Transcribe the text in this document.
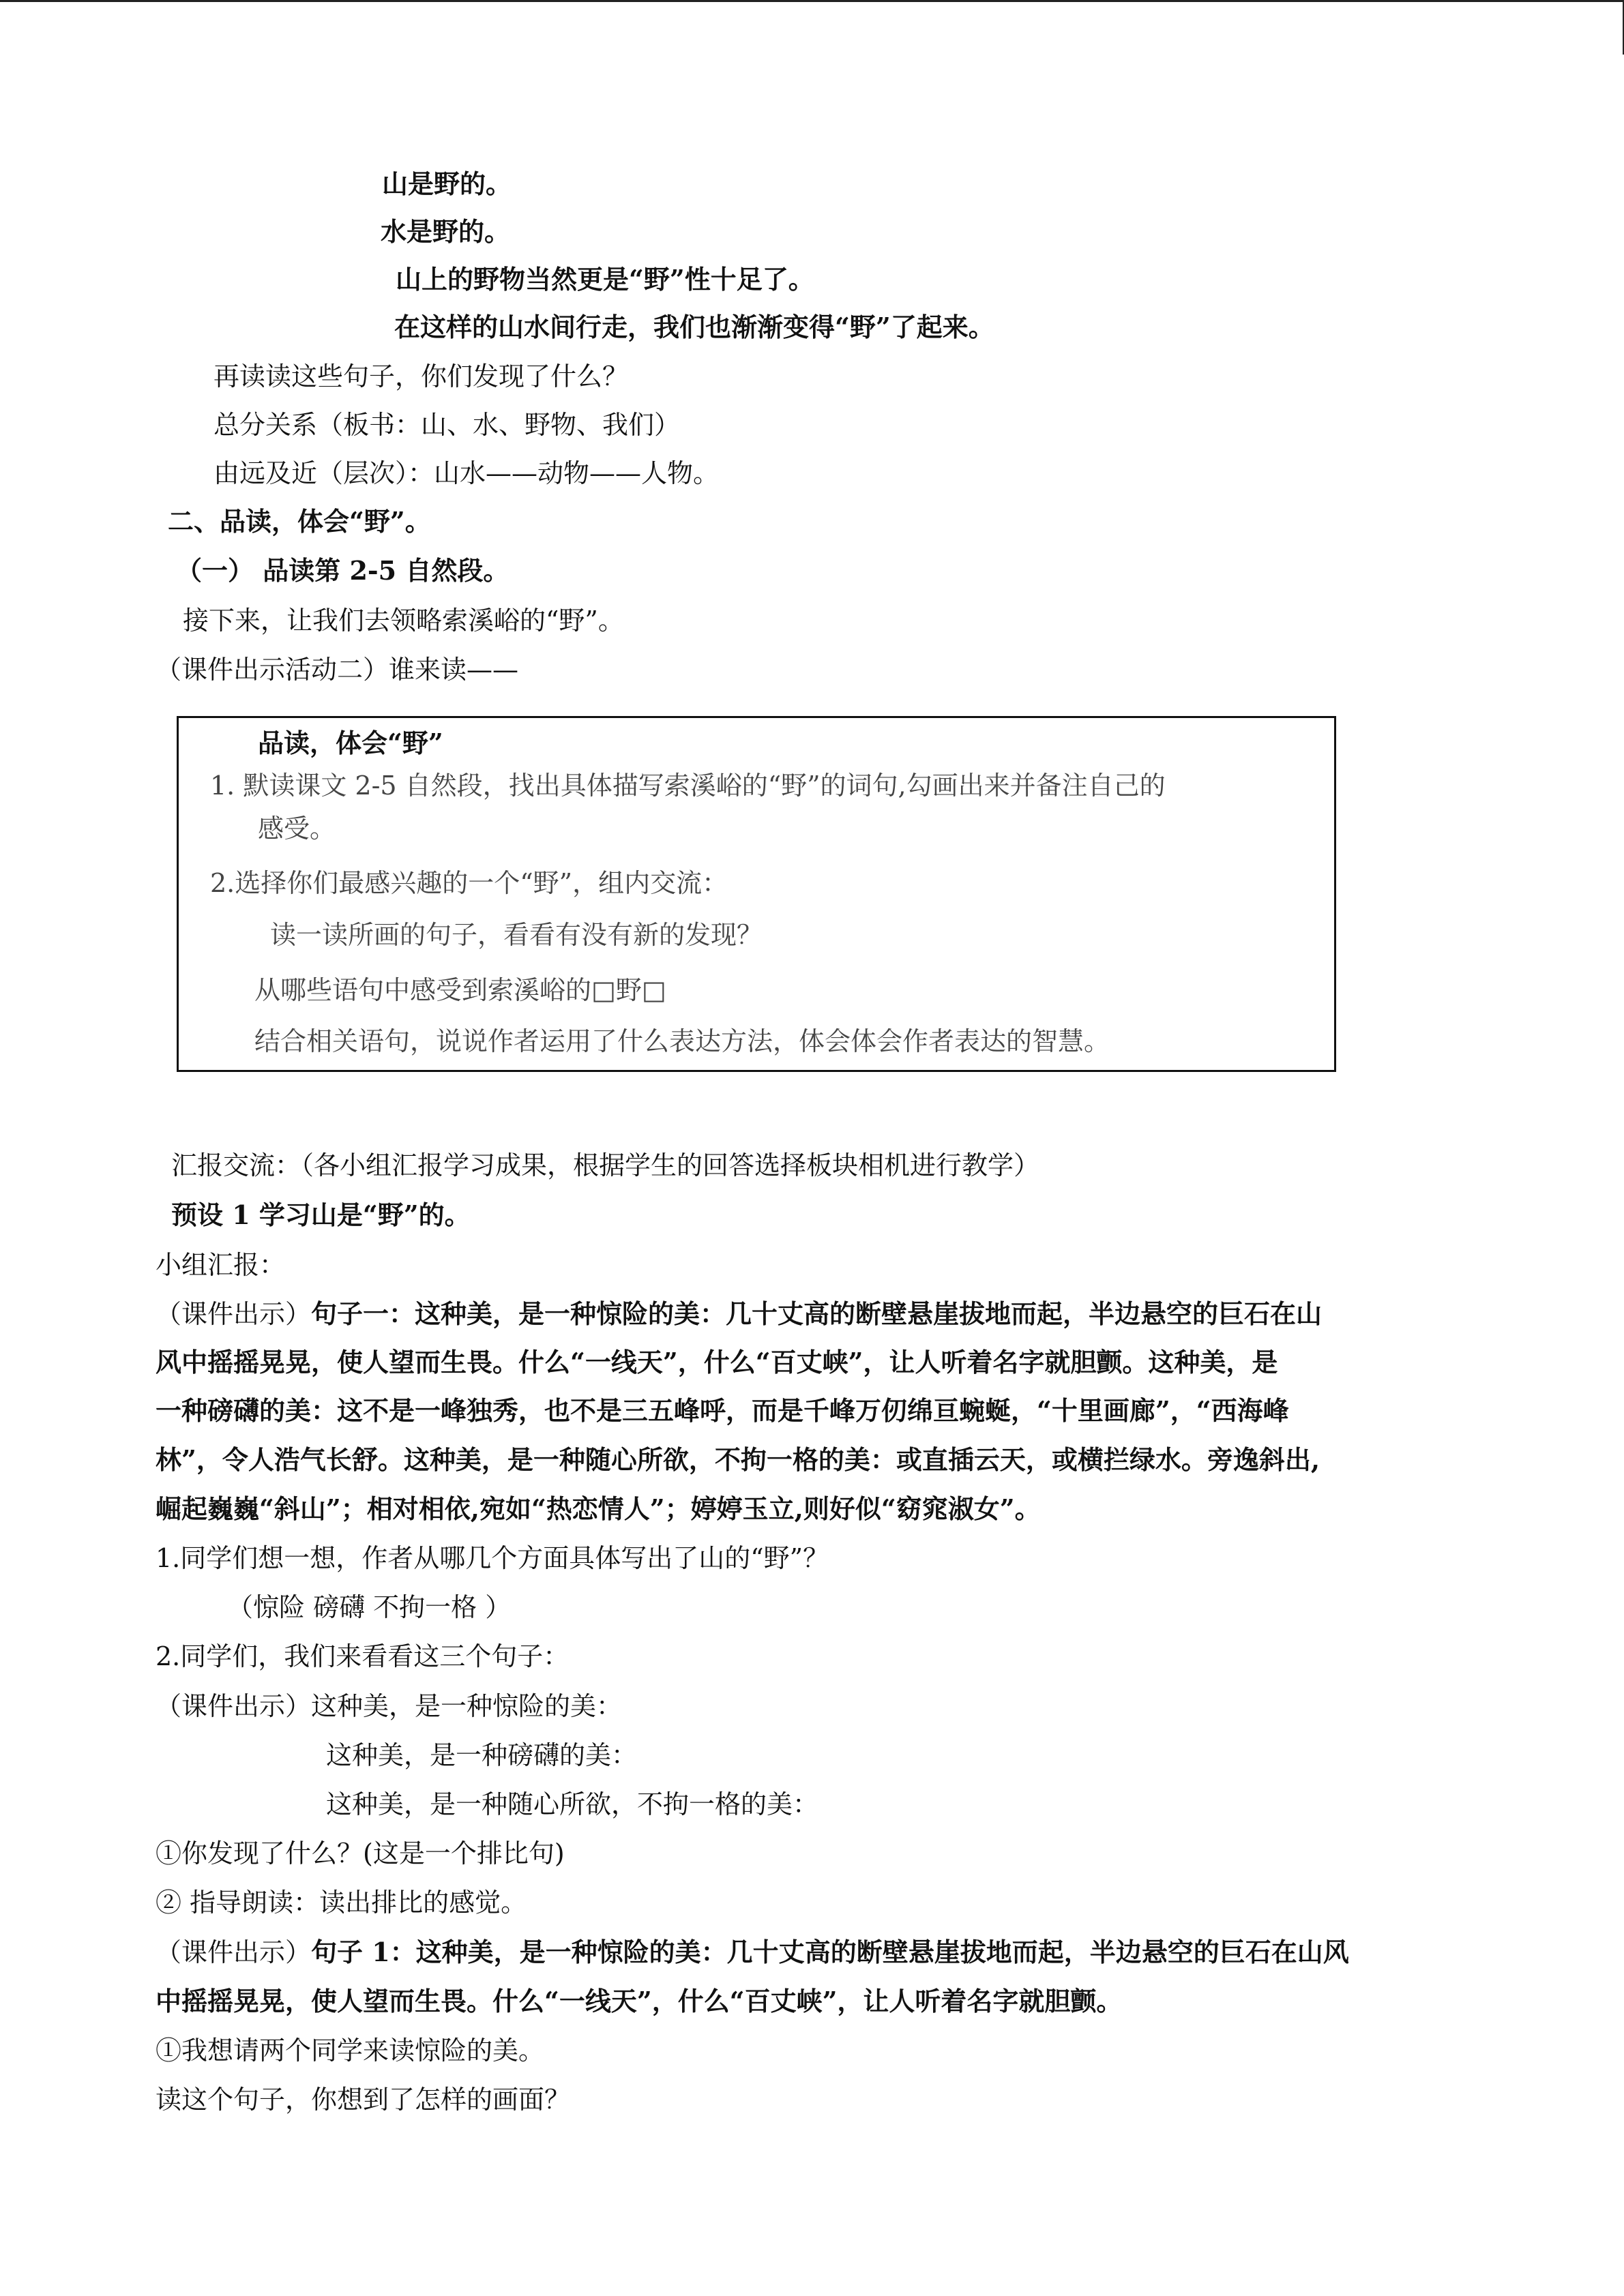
山是野的。
水是野的。
山上的野物当然更是“野”性十足了。
在这样的山水间行走，我们也渐渐变得“野”了起来。
再读读这些句子，你们发现了什么？
总分关系（板书：山、水、野物、我们）
由远及近（层次）：山水——动物——人物。
二、品读，体会“野”。
（一） 品读第 2-5 自然段。
接下来，让我们去领略索溪峪的“野”。
（课件出示活动二）谁来读——
品读，体会“野”
1. 默读课文 2-5 自然段，找出具体描写索溪峪的“野”的词句,勾画出来并备注自己的
感受。
2.选择你们最感兴趣的一个“野”，组内交流：
读一读所画的句子，看看有没有新的发现？
从哪些语句中感受到索溪峪的□野□
结合相关语句，说说作者运用了什么表达方法，体会体会作者表达的智慧。
汇报交流：（各小组汇报学习成果，根据学生的回答选择板块相机进行教学）
预设 1 学习山是“野”的。
小组汇报：
（课件出示）句子一：这种美，是一种惊险的美：几十丈高的断壁悬崖拔地而起，半边悬空的巨石在山
风中摇摇晃晃，使人望而生畏。什么“一线天”，什么“百丈峡”，让人听着名字就胆颤。这种美，是
一种磅礴的美：这不是一峰独秀，也不是三五峰呼，而是千峰万仞绵亘蜿蜒，“十里画廊”，“西海峰
林”，令人浩气长舒。这种美，是一种随心所欲，不拘一格的美：或直插云天，或横拦绿水。旁逸斜出,
崛起巍巍“斜山”；相对相依,宛如“热恋情人”；婷婷玉立,则好似“窈窕淑女”。
1.同学们想一想，作者从哪几个方面具体写出了山的“野”？
（惊险 磅礴 不拘一格 ）
2.同学们，我们来看看这三个句子：
（课件出示）这种美，是一种惊险的美：
这种美，是一种磅礴的美：
这种美，是一种随心所欲，不拘一格的美：
①你发现了什么？(这是一个排比句)
② 指导朗读：读出排比的感觉。
（课件出示）句子 1：这种美，是一种惊险的美：几十丈高的断壁悬崖拔地而起，半边悬空的巨石在山风
中摇摇晃晃，使人望而生畏。什么“一线天”，什么“百丈峡”，让人听着名字就胆颤。
①我想请两个同学来读惊险的美。
读这个句子，你想到了怎样的画面？
